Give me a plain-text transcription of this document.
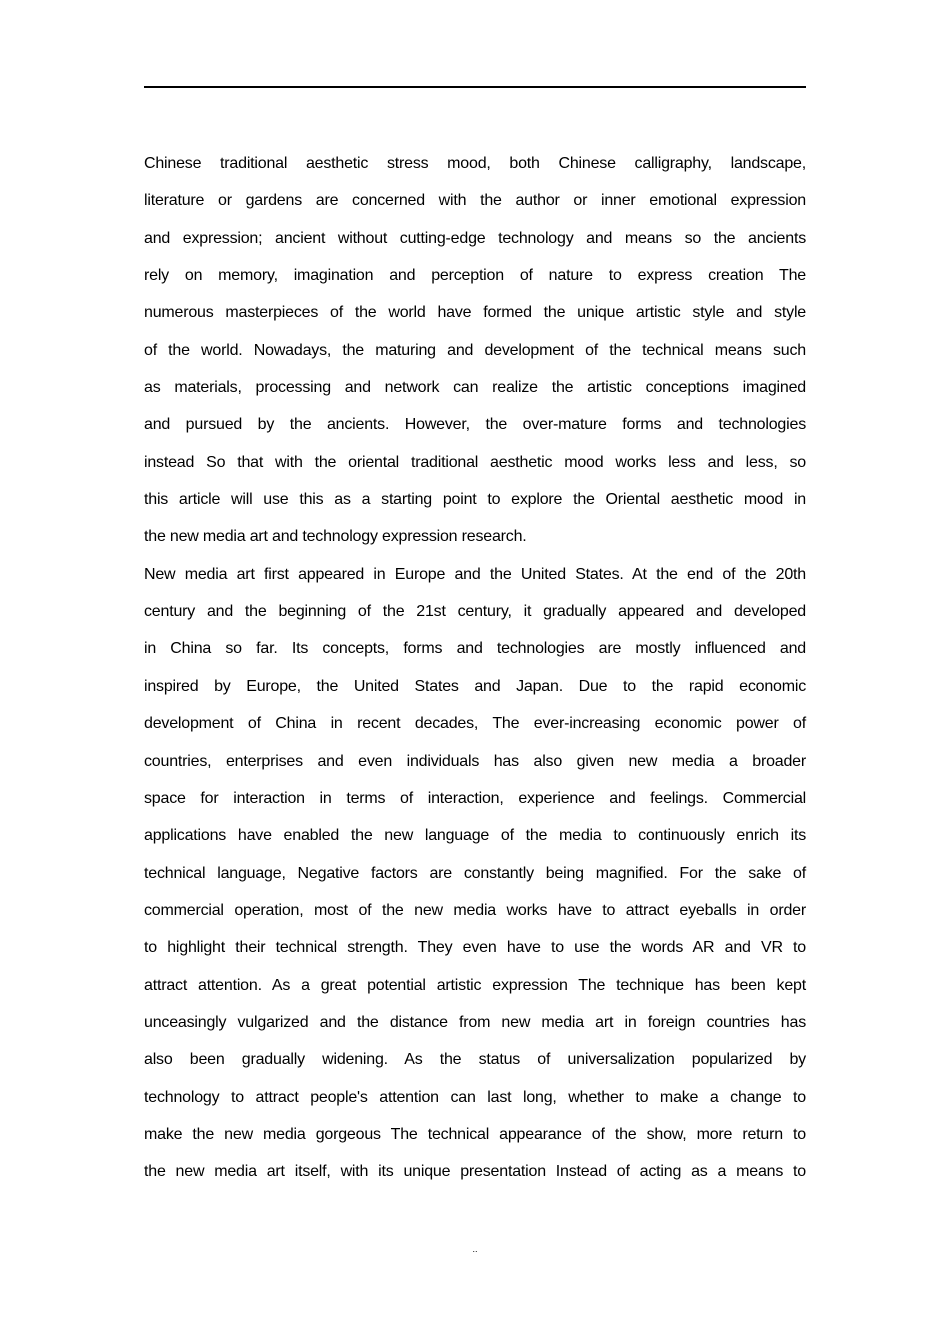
Chinese traditional aesthetic stress mood, both Chinese calligraphy, landscape,
literature or gardens are concerned with the author or inner emotional expression
and expression; ancient without cutting-edge technology and means so the ancients
rely on memory, imagination and perception of nature to express creation The
numerous masterpieces of the world have formed the unique artistic style and style
of the world. Nowadays, the maturing and development of the technical means such
as materials, processing and network can realize the artistic conceptions imagined
and pursued by the ancients. However, the over-mature forms and technologies
instead So that with the oriental traditional aesthetic mood works less and less, so
this article will use this as a starting point to explore the Oriental aesthetic mood in
the new media art and technology expression research.
New media art first appeared in Europe and the United States. At the end of the 20th
century and the beginning of the 21st century, it gradually appeared and developed
in China so far. Its concepts, forms and technologies are mostly influenced and
inspired by Europe, the United States and Japan. Due to the rapid economic
development of China in recent decades, The ever-increasing economic power of
countries, enterprises and even individuals has also given new media a broader
space for interaction in terms of interaction, experience and feelings. Commercial
applications have enabled the new language of the media to continuously enrich its
technical language, Negative factors are constantly being magnified. For the sake of
commercial operation, most of the new media works have to attract eyeballs in order
to highlight their technical strength. They even have to use the words AR and VR to
attract attention. As a great potential artistic expression The technique has been kept
unceasingly vulgarized and the distance from new media art in foreign countries has
also been gradually widening. As the status of universalization popularized by
technology to attract people's attention can last long, whether to make a change to
make the new media gorgeous The technical appearance of the show, more return to
the new media art itself, with its unique presentation Instead of acting as a means to
..
